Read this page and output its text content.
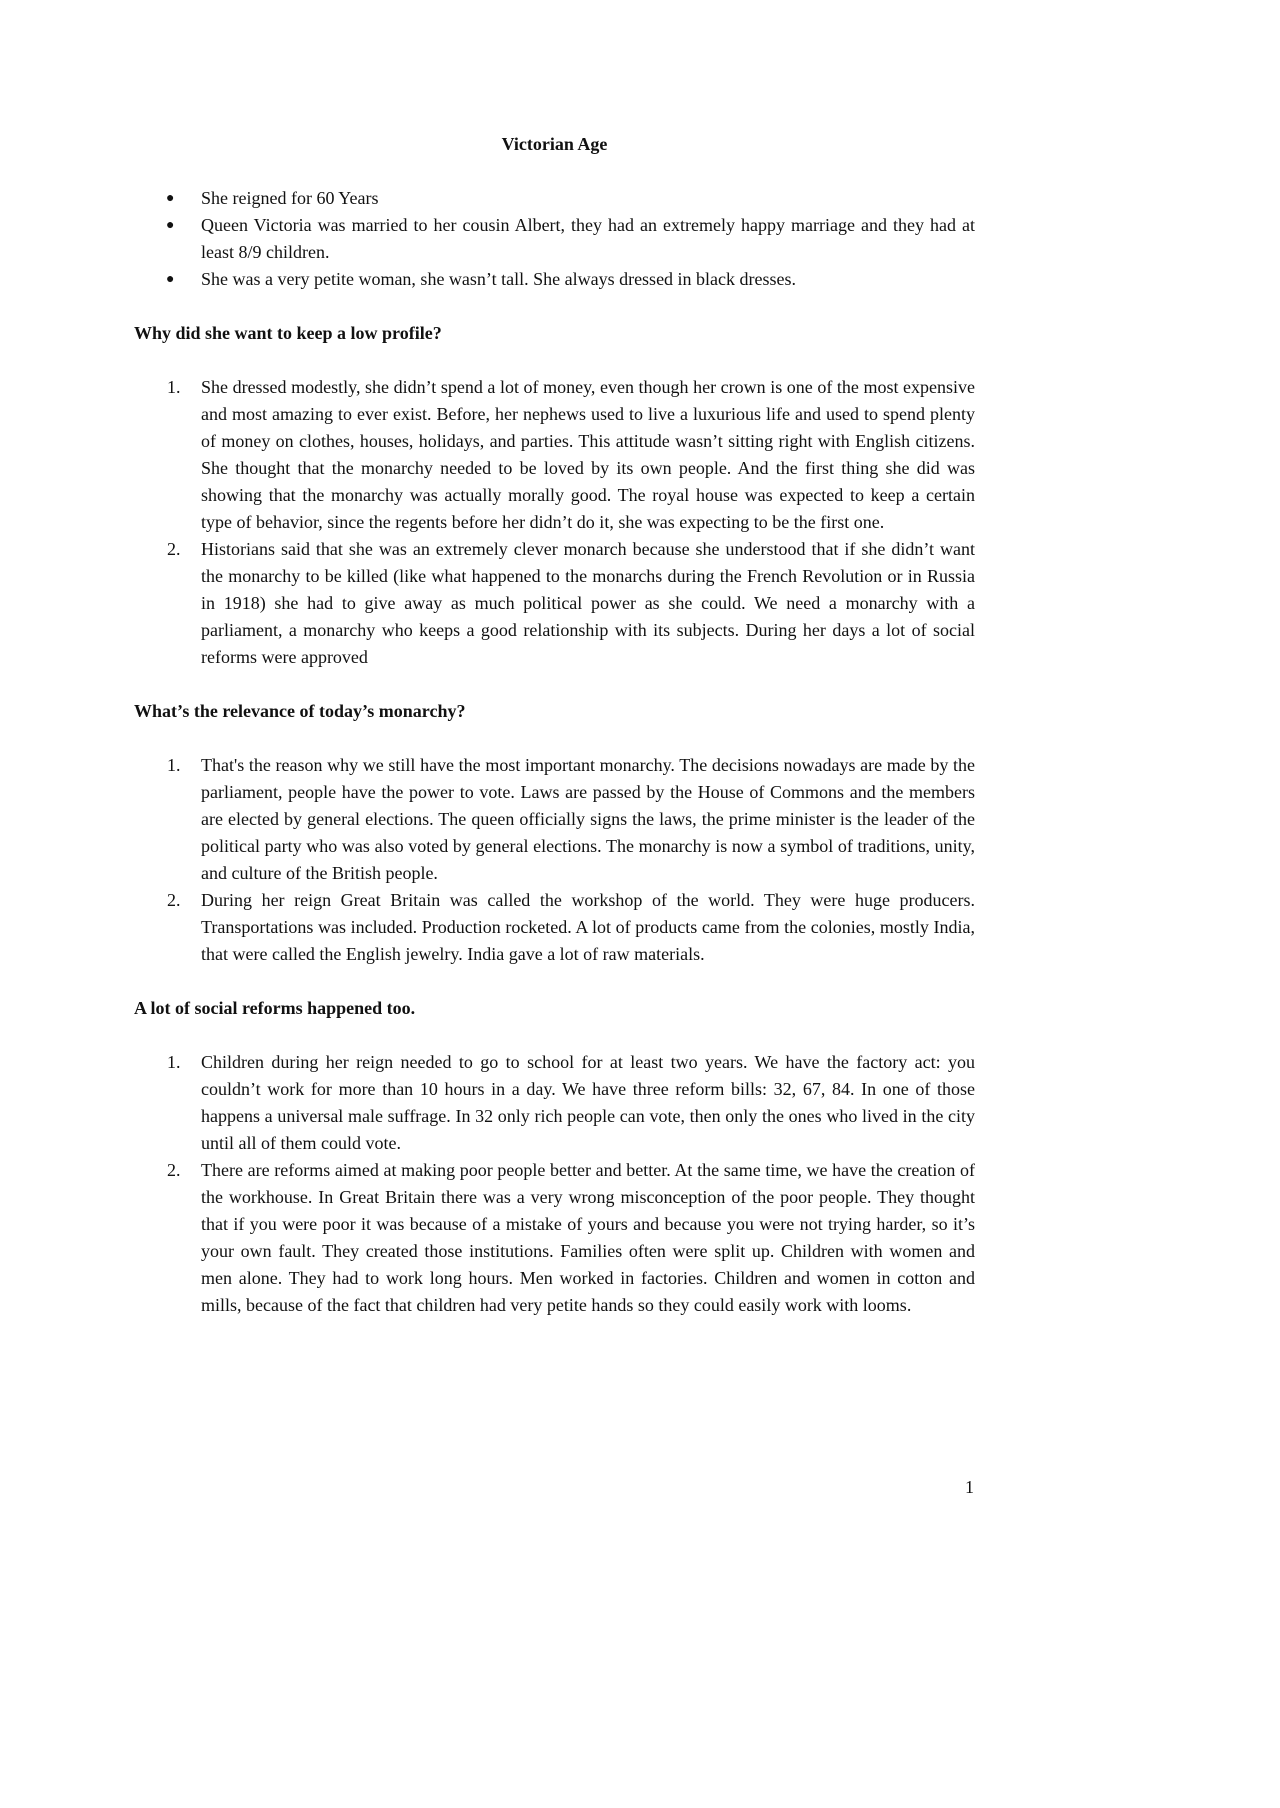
Victorian Age
● She reigned for 60 Years
● Queen Victoria was married to her cousin Albert, they had an extremely happy marriage and they had at least 8/9 children.
● She was a very petite woman, she wasn’t tall. She always dressed in black dresses.
Why did she want to keep a low profile?
1. She dressed modestly, she didn’t spend a lot of money, even though her crown is one of the most expensive and most amazing to ever exist. Before, her nephews used to live a luxurious life and used to spend plenty of money on clothes, houses, holidays, and parties. This attitude wasn’t sitting right with English citizens. She thought that the monarchy needed to be loved by its own people. And the first thing she did was showing that the monarchy was actually morally good. The royal house was expected to keep a certain type of behavior, since the regents before her didn’t do it, she was expecting to be the first one.
2. Historians said that she was an extremely clever monarch because she understood that if she didn’t want the monarchy to be killed (like what happened to the monarchs during the French Revolution or in Russia in 1918) she had to give away as much political power as she could. We need a monarchy with a parliament, a monarchy who keeps a good relationship with its subjects. During her days a lot of social reforms were approved
What’s the relevance of today’s monarchy?
1. That's the reason why we still have the most important monarchy. The decisions nowadays are made by the parliament, people have the power to vote. Laws are passed by the House of Commons and the members are elected by general elections. The queen officially signs the laws, the prime minister is the leader of the political party who was also voted by general elections. The monarchy is now a symbol of traditions, unity, and culture of the British people.
2. During her reign Great Britain was called the workshop of the world. They were huge producers. Transportations was included. Production rocketed. A lot of products came from the colonies, mostly India, that were called the English jewelry. India gave a lot of raw materials.
A lot of social reforms happened too.
1. Children during her reign needed to go to school for at least two years. We have the factory act: you couldn’t work for more than 10 hours in a day. We have three reform bills: 32, 67, 84. In one of those happens a universal male suffrage. In 32 only rich people can vote, then only the ones who lived in the city until all of them could vote.
2. There are reforms aimed at making poor people better and better. At the same time, we have the creation of the workhouse. In Great Britain there was a very wrong misconception of the poor people. They thought that if you were poor it was because of a mistake of yours and because you were not trying harder, so it’s your own fault. They created those institutions. Families often were split up. Children with women and men alone. They had to work long hours. Men worked in factories. Children and women in cotton and mills, because of the fact that children had very petite hands so they could easily work with looms.
1
